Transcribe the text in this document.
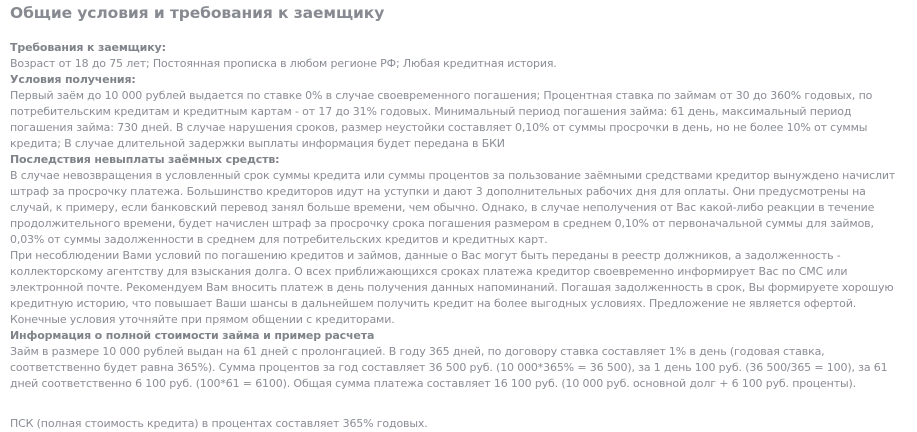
Общие условия и требования к заемщику

Требования к заемщику:

Возраст от 18 до 75 лет; Постоянная прописка в любом регионе РФ; Любая кредитная история.

Условия получения:

Первый заём до 10 000 рублей выдается по ставке 0% в случае своевременного погашения; Процентная ставка по займам от 30 до 360% годовых, по потребительским кредитам и кредитным картам - от 17 до 31% годовых. Минимальный период погашения займа: 61 день, максимальный период погашения займа: 730 дней. В случае нарушения сроков, размер неустойки составляет 0,10% от суммы просрочки в день, но не более 10% от суммы кредита; В случае длительной задержки выплаты информация будет передана в БКИ

Последствия невыплаты заёмных средств:

В случае невозвращения в условленный срок суммы кредита или суммы процентов за пользование заёмными средствами кредитор вынуждено начислит штраф за просрочку платежа. Большинство кредиторов идут на уступки и дают 3 дополнительных рабочих дня для оплаты. Они предусмотрены на случай, к примеру, если банковский перевод занял больше времени, чем обычно. Однако, в случае неполучения от Вас какой-либо реакции в течение продолжительного времени, будет начислен штраф за просрочку срока погашения размером в среднем 0,10% от первоначальной суммы для займов, 0,03% от суммы задолженности в среднем для потребительских кредитов и кредитных карт.

При несоблюдении Вами условий по погашению кредитов и займов, данные о Вас могут быть переданы в реестр должников, а задолженность - коллекторскому агентству для взыскания долга. О всех приближающихся сроках платежа кредитор своевременно информирует Вас по СМС или электронной почте. Рекомендуем Вам вносить платеж в день получения данных напоминаний. Погашая задолженность в срок, Вы формируете хорошую кредитную историю, что повышает Ваши шансы в дальнейшем получить кредит на более выгодных условиях. Предложение не является офертой. Конечные условия уточняйте при прямом общении с кредиторами.

Информация о полной стоимости займа и пример расчета

Займ в размере 10 000 рублей выдан на 61 дней с пролонгацией. В году 365 дней, по договору ставка составляет 1% в день (годовая ставка, соответственно будет равна 365%). Сумма процентов за год составляет 36 500 руб. (10 000*365% = 36 500), за 1 день 100 руб. (36 500/365 = 100), за 61 дней соответственно 6 100 руб. (100*61 = 6100). Общая сумма платежа составляет 16 100 руб. (10 000 руб. основной долг + 6 100 руб. проценты).

ПСК (полная стоимость кредита) в процентах составляет 365% годовых.
